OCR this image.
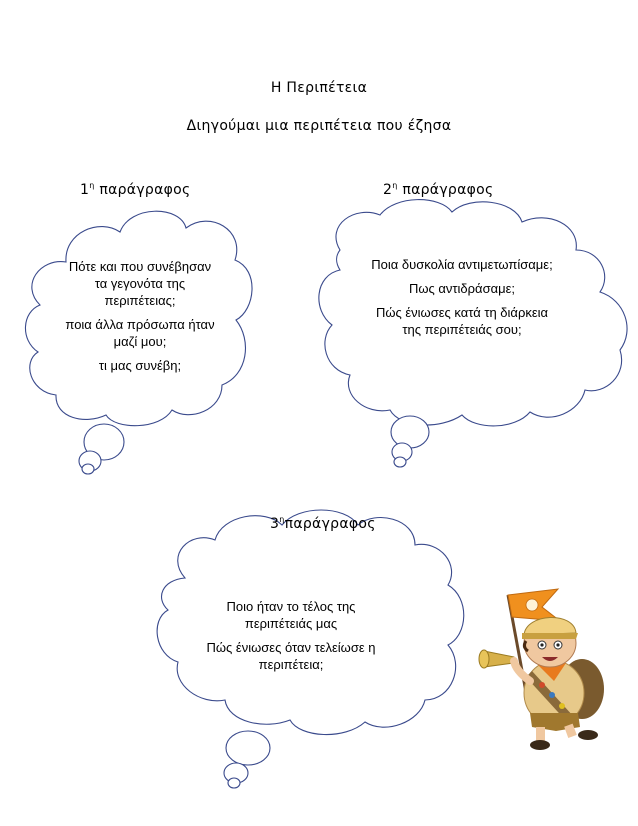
Η Περιπέτεια
Διηγούμαι μια περιπέτεια που έζησα
$1^\eta$ παράγραφος	$2^\eta$ παράγραφος
$3^\eta\pi\alpha\rho ά\gamma\rho\alpha\varphi o\varsigma$

Πότε και που συνέβησαν τα γεγονότα της περιπέτειας;

ποια άλλα πρόσωπα ήταν μαζί μου;

τι μας συνέβη;

Ποια δυσκολία αντιμετωπίσαμε;

Πως αντιδράσαμε;

Πώς ένιωσες κατά τη διάρκεια της περιπέτειάς σου;

Ποιο ήταν το τέλος της περιπέτειάς μας

Πώς ένιωσες όταν τελείωσε η περιπέτεια;
